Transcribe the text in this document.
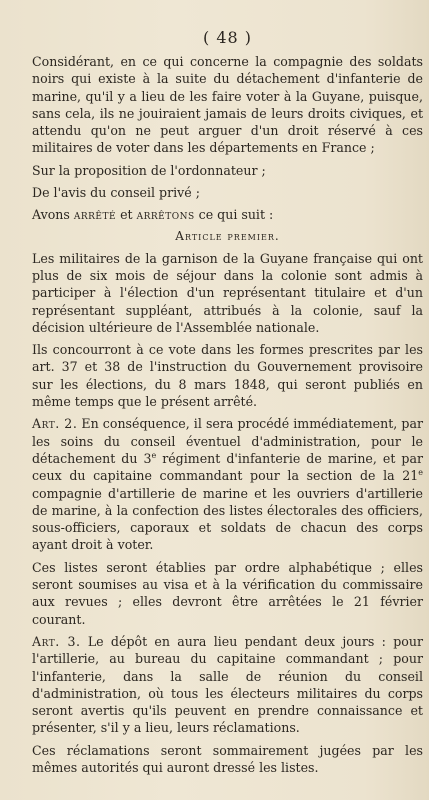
( 48 )

Considérant, en ce qui concerne la compagnie des soldats noirs qui existe à la suite du détachement d'infanterie de marine, qu'il y a lieu de les faire voter à la Guyane, puisque, sans cela, ils ne jouiraient jamais de leurs droits civiques, et attendu qu'on ne peut arguer d'un droit réservé à ces militaires de voter dans les départements en France ;

Sur la proposition de l'ordonnateur ;

De l'avis du conseil privé ;

Avons arrêté et arrêtons ce qui suit :

Article premier.

Les militaires de la garnison de la Guyane française qui ont plus de six mois de séjour dans la colonie sont admis à participer à l'élection d'un représentant titulaire et d'un représentant suppléant, attribués à la colonie, sauf la décision ultérieure de l'Assemblée nationale.

Ils concourront à ce vote dans les formes prescrites par les art. 37 et 38 de l'instruction du Gouvernement provisoire sur les élections, du 8 mars 1848, qui seront publiés en même temps que le présent arrêté.

Art. 2. En conséquence, il sera procédé immédiatement, par les soins du conseil éventuel d'administration, pour le détachement du 3e régiment d'infanterie de marine, et par ceux du capitaine commandant pour la section de la 21e compagnie d'artillerie de marine et les ouvriers d'artillerie de marine, à la confection des listes électorales des officiers, sous-officiers, caporaux et soldats de chacun des corps ayant droit à voter.

Ces listes seront établies par ordre alphabétique ; elles seront soumises au visa et à la vérification du commissaire aux revues ; elles devront être arrêtées le 21 février courant.

Art. 3. Le dépôt en aura lieu pendant deux jours : pour l'artillerie, au bureau du capitaine commandant ; pour l'infanterie, dans la salle de réunion du conseil d'administration, où tous les électeurs militaires du corps seront avertis qu'ils peuvent en prendre connaissance et présenter, s'il y a lieu, leurs réclamations.

Ces réclamations seront sommairement jugées par les mêmes autorités qui auront dressé les listes.
